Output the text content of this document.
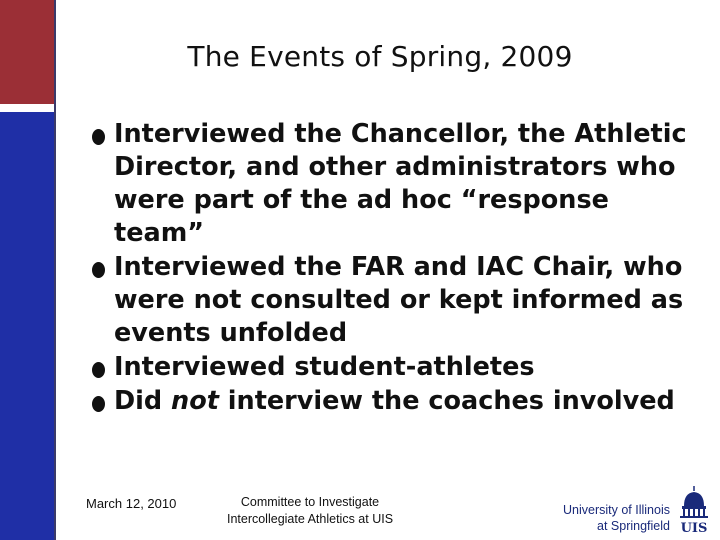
The Events of Spring, 2009
Interviewed the Chancellor, the Athletic Director, and other administrators who were part of the ad hoc “response team”
Interviewed the FAR and IAC Chair, who were not consulted or kept informed as events unfolded
Interviewed student-athletes
Did not interview the coaches involved
March 12, 2010	Committee to Investigate
Intercollegiate Athletics at UIS
University of Illinois
at Springfield UIS
